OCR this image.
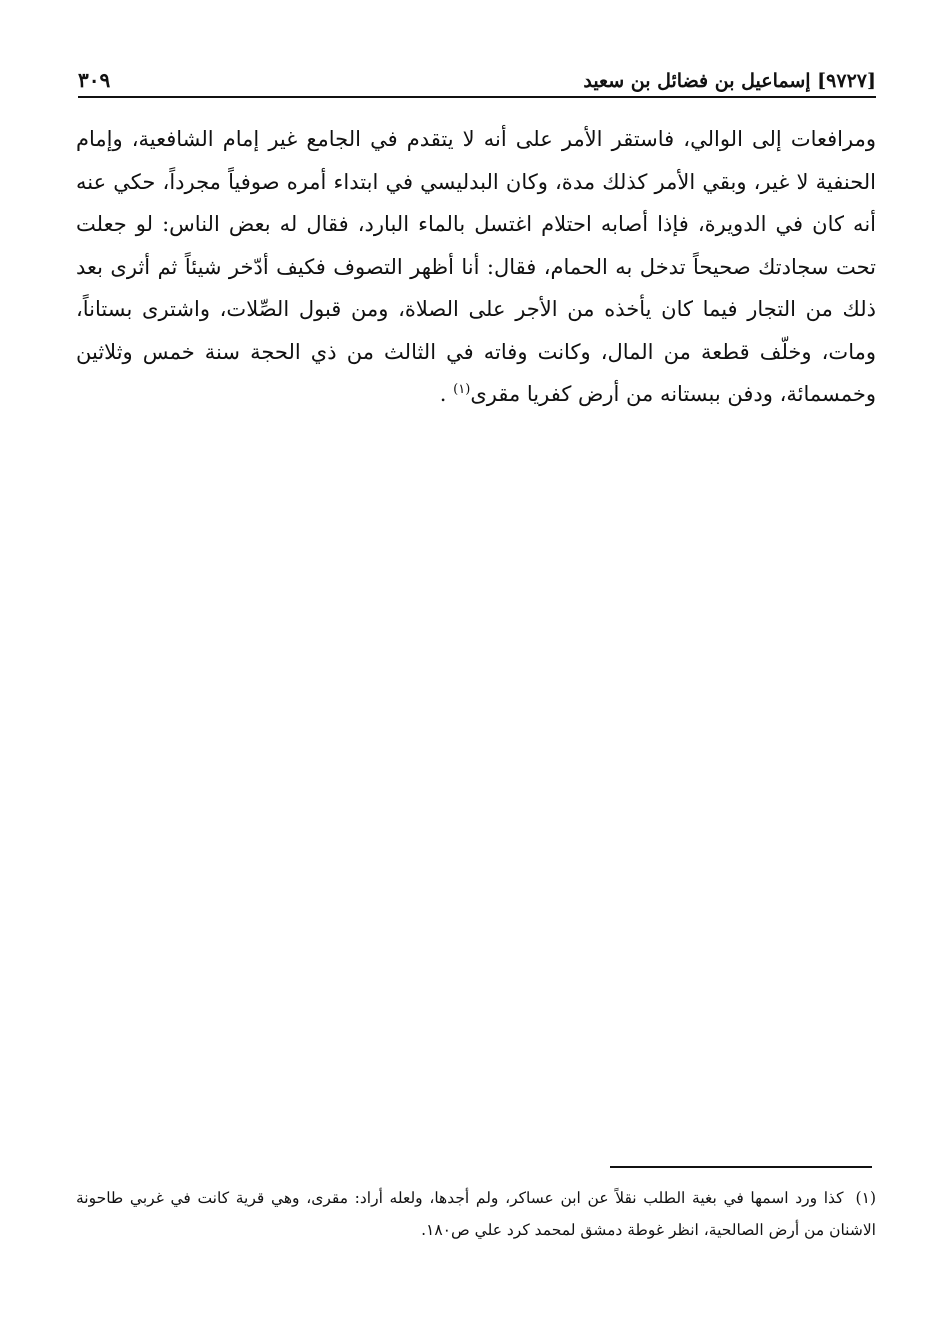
[٩٧٢٧] إسماعيل بن فضائل بن سعيد
٣٠٩

ومرافعات إلى الوالي، فاستقر الأمر على أنه لا يتقدم في الجامع غير إمام الشافعية، وإمام الحنفية لا غير، وبقي الأمر كذلك مدة، وكان البدليسي في ابتداء أمره صوفياً مجرداً، حكي عنه أنه كان في الدويرة، فإذا أصابه احتلام اغتسل بالماء البارد، فقال له بعض الناس: لو جعلت تحت سجادتك صحيحاً تدخل به الحمام، فقال: أنا أظهر التصوف فكيف أدّخر شيئاً ثم أثرى بعد ذلك من التجار فيما كان يأخذه من الأجر على الصلاة، ومن قبول الصِّلات، واشترى بستاناً، ومات، وخلّف قطعة من المال، وكانت وفاته في الثالث من ذي الحجة سنة خمس وثلاثين وخمسمائة، ودفن ببستانه من أرض كفريا مقرى$^{(١)}$ .

(١)كذا ورد اسمها في بغية الطلب نقلاً عن ابن عساكر، ولم أجدها، ولعله أراد: مقرى، وهي قرية كانت في غربي طاحونة الاشنان من أرض الصالحية، انظر غوطة دمشق لمحمد كرد علي ص١٨٠.
